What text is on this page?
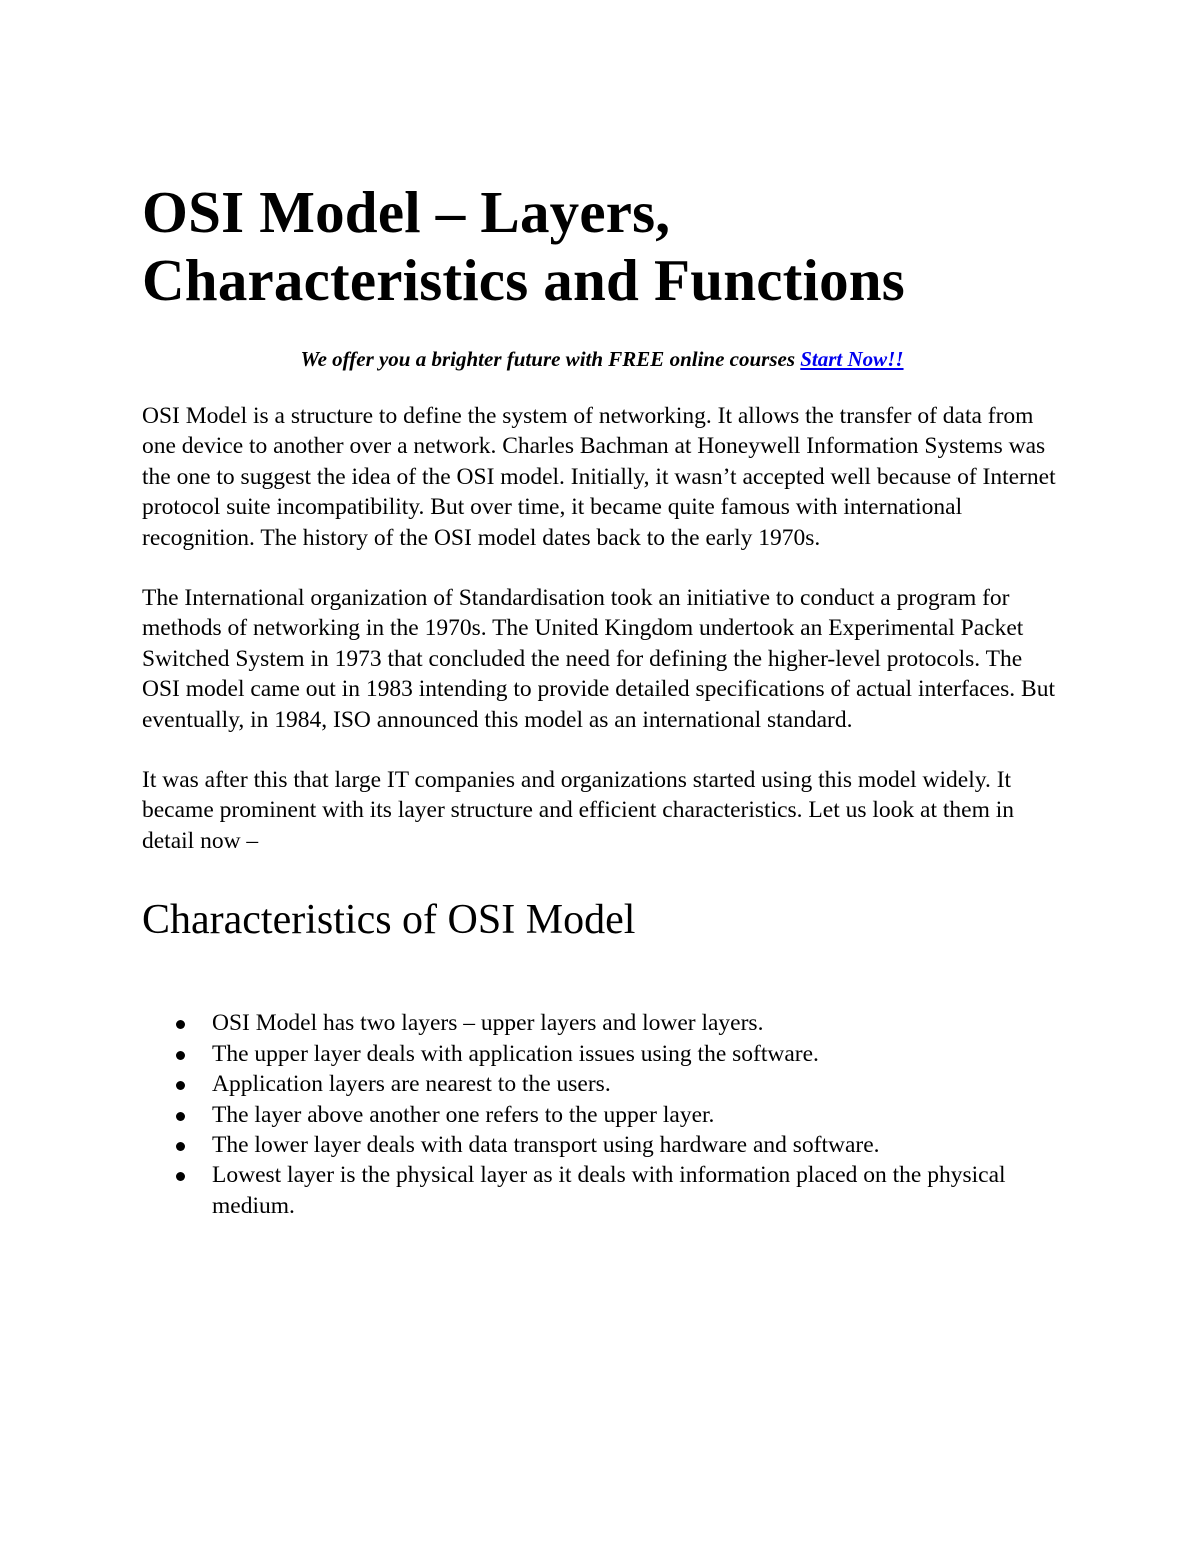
OSI Model – Layers,
Characteristics and Functions
We offer you a brighter future with FREE online courses Start Now!!

OSI Model is a structure to define the system of networking. It allows the transfer of data from one device to another over a network. Charles Bachman at Honeywell Information Systems was the one to suggest the idea of the OSI model. Initially, it wasn’t accepted well because of Internet protocol suite incompatibility. But over time, it became quite famous with international recognition. The history of the OSI model dates back to the early 1970s.

The International organization of Standardisation took an initiative to conduct a program for methods of networking in the 1970s. The United Kingdom undertook an Experimental Packet Switched System in 1973 that concluded the need for defining the higher-level protocols. The OSI model came out in 1983 intending to provide detailed specifications of actual interfaces. But eventually, in 1984, ISO announced this model as an international standard.

It was after this that large IT companies and organizations started using this model widely. It became prominent with its layer structure and efficient characteristics. Let us look at them in detail now –

Characteristics of OSI Model
OSI Model has two layers – upper layers and lower layers.
The upper layer deals with application issues using the software.
Application layers are nearest to the users.
The layer above another one refers to the upper layer.
The lower layer deals with data transport using hardware and software.
Lowest layer is the physical layer as it deals with information placed on the physical medium.
